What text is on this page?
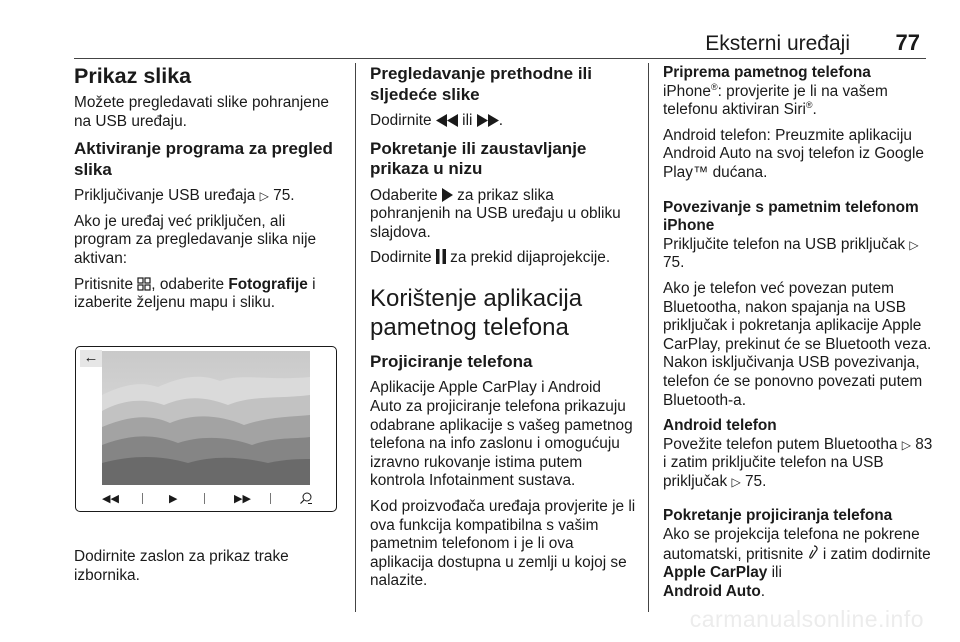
Eksterni uređaji 77
Prikaz slika

Možete pregledavati slike pohranjene na USB uređaju.

Aktiviranje programa za pregled slika

Priključivanje USB uređaja ▷ 75.

Ako je uređaj već priključen, ali program za pregledavanje slika nije aktivan:

Pritisnite , odaberite Fotografije i izaberite željenu mapu i sliku.

←
◀◀	▶	▶▶
Dodirnite zaslon za prikaz trake izbornika.
Pregledavanje prethodne ili sljedeće slike

Dodirnite ili .

Pokretanje ili zaustavljanje prikaza u nizu

Odaberite za prikaz slika pohranjenih na USB uređaju u obliku slajdova.

Dodirnite za prekid dijaprojekcije.

Korištenje aplikacija pametnog telefona
Projiciranje telefona

Aplikacije Apple CarPlay i Android Auto za projiciranje telefona prikazuju odabrane aplikacije s vašeg pametnog telefona na info zaslonu i omogućuju izravno rukovanje istima putem kontrola Infotainment sustava.

Kod proizvođača uređaja provjerite je li ova funkcija kompatibilna s vašim pametnim telefonom i je li ova aplikacija dostupna u zemlji u kojoj se nalazite.

Priprema pametnog telefona

iPhone®: provjerite je li na vašem telefonu aktiviran Siri®.

Android telefon: Preuzmite aplikaciju Android Auto na svoj telefon iz Google Play™ dućana.

Povezivanje s pametnim telefonom
iPhone

Priključite telefon na USB priključak ▷ 75.

Ako je telefon već povezan putem Bluetootha, nakon spajanja na USB priključak i pokretanja aplikacije Apple CarPlay, prekinut će se Bluetooth veza. Nakon isključivanja USB povezivanja, telefon će se ponovno povezati putem Bluetooth-a.

Android telefon

Povežite telefon putem Bluetootha ▷ 83 i zatim priključite telefon na USB priključak ▷ 75.

Pokretanje projiciranja telefona

Ako se projekcija telefona ne pokrene automatski, pritisnite i zatim dodirnite Apple CarPlay ili
Android Auto.

carmanualsonline.info
